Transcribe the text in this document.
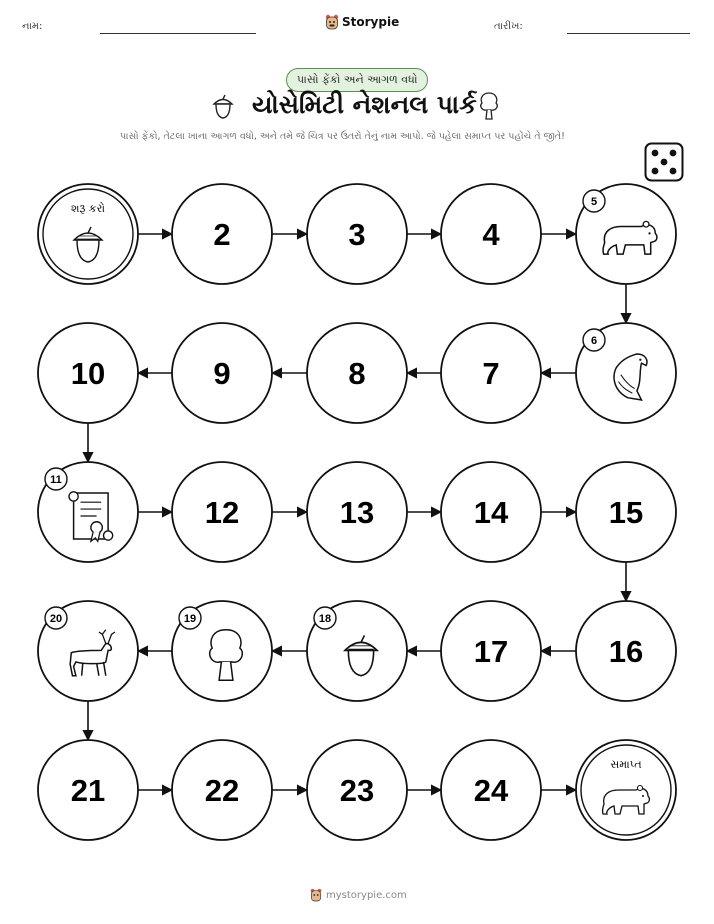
નામ:	Storypie	તારીખ:
પાસો ફેંકો અને આગળ વધો
યોસેમિટી નેશનલ પાર્ક
પાસો ફેંકો, તેટલા ખાના આગળ વધો, અને તમે જે ચિત્ર પર ઉતરો તેનું નામ આપો. જે પહેલા સમાપ્ત પર પહોંચે તે જીતે!
શરૂ કરો
2	3	4
5
6
7
8
9
10
11
12	13	14	15
16
17
18
19
20
21	22	23	24
સમાપ્ત
mystorypie.com
